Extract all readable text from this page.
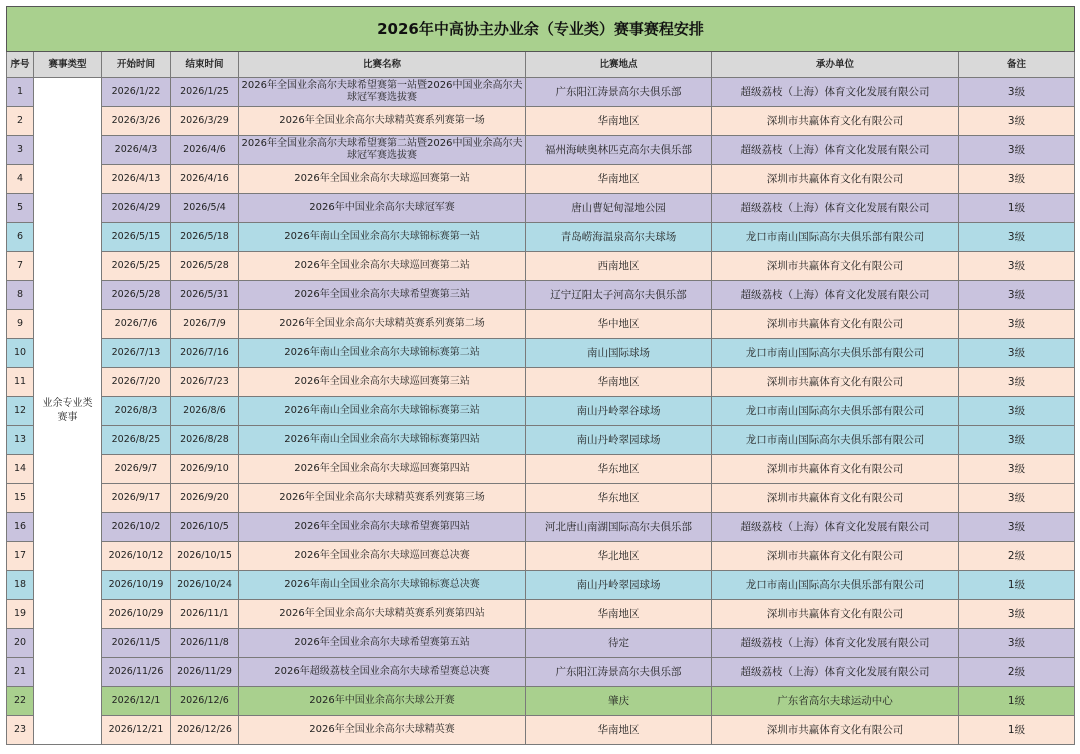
2026年中高协主办业余（专业类）赛事赛程安排							
序号	赛事类型	开始时间	结束时间	比赛名称	比赛地点	承办单位	备注
1	业余专业类 赛事	2026/1/22	2026/1/25	2026年全国业余高尔夫球希望赛第一站暨2026中国业余高尔夫球冠军赛选拔赛	广东阳江涛景高尔夫俱乐部	超级荔枝（上海）体育文化发展有限公司	3级
2		2026/3/26	2026/3/29	2026年全国业余高尔夫球精英赛系列赛第一场	华南地区	深圳市共赢体育文化有限公司	3级
3		2026/4/3	2026/4/6	2026年全国业余高尔夫球希望赛第二站暨2026中国业余高尔夫球冠军赛选拔赛	福州海峡奥林匹克高尔夫俱乐部	超级荔枝（上海）体育文化发展有限公司	3级
4		2026/4/13	2026/4/16	2026年全国业余高尔夫球巡回赛第一站	华南地区	深圳市共赢体育文化有限公司	3级
5		2026/4/29	2026/5/4	2026年中国业余高尔夫球冠军赛	唐山曹妃甸湿地公园	超级荔枝（上海）体育文化发展有限公司	1级
6		2026/5/15	2026/5/18	2026年南山全国业余高尔夫球锦标赛第一站	青岛崂海温泉高尔夫球场	龙口市南山国际高尔夫俱乐部有限公司	3级
7		2026/5/25	2026/5/28	2026年全国业余高尔夫球巡回赛第二站	西南地区	深圳市共赢体育文化有限公司	3级
8		2026/5/28	2026/5/31	2026年全国业余高尔夫球希望赛第三站	辽宁辽阳太子河高尔夫俱乐部	超级荔枝（上海）体育文化发展有限公司	3级
9		2026/7/6	2026/7/9	2026年全国业余高尔夫球精英赛系列赛第二场	华中地区	深圳市共赢体育文化有限公司	3级
10		2026/7/13	2026/7/16	2026年南山全国业余高尔夫球锦标赛第二站	南山国际球场	龙口市南山国际高尔夫俱乐部有限公司	3级
11		2026/7/20	2026/7/23	2026年全国业余高尔夫球巡回赛第三站	华南地区	深圳市共赢体育文化有限公司	3级
12		2026/8/3	2026/8/6	2026年南山全国业余高尔夫球锦标赛第三站	南山丹岭翠谷球场	龙口市南山国际高尔夫俱乐部有限公司	3级
13		2026/8/25	2026/8/28	2026年南山全国业余高尔夫球锦标赛第四站	南山丹岭翠园球场	龙口市南山国际高尔夫俱乐部有限公司	3级
14		2026/9/7	2026/9/10	2026年全国业余高尔夫球巡回赛第四站	华东地区	深圳市共赢体育文化有限公司	3级
15		2026/9/17	2026/9/20	2026年全国业余高尔夫球精英赛系列赛第三场	华东地区	深圳市共赢体育文化有限公司	3级
16		2026/10/2	2026/10/5	2026年全国业余高尔夫球希望赛第四站	河北唐山南湖国际高尔夫俱乐部	超级荔枝（上海）体育文化发展有限公司	3级
17		2026/10/12	2026/10/15	2026年全国业余高尔夫球巡回赛总决赛	华北地区	深圳市共赢体育文化有限公司	2级
18		2026/10/19	2026/10/24	2026年南山全国业余高尔夫球锦标赛总决赛	南山丹岭翠园球场	龙口市南山国际高尔夫俱乐部有限公司	1级
19		2026/10/29	2026/11/1	2026年全国业余高尔夫球精英赛系列赛第四站	华南地区	深圳市共赢体育文化有限公司	3级
20		2026/11/5	2026/11/8	2026年全国业余高尔夫球希望赛第五站	待定	超级荔枝（上海）体育文化发展有限公司	3级
21		2026/11/26	2026/11/29	2026年超级荔枝全国业余高尔夫球希望赛总决赛	广东阳江涛景高尔夫俱乐部	超级荔枝（上海）体育文化发展有限公司	2级
22		2026/12/1	2026/12/6	2026年中国业余高尔夫球公开赛	肇庆	广东省高尔夫球运动中心	1级
23		2026/12/21	2026/12/26	2026年全国业余高尔夫球精英赛	华南地区	深圳市共赢体育文化有限公司	1级
